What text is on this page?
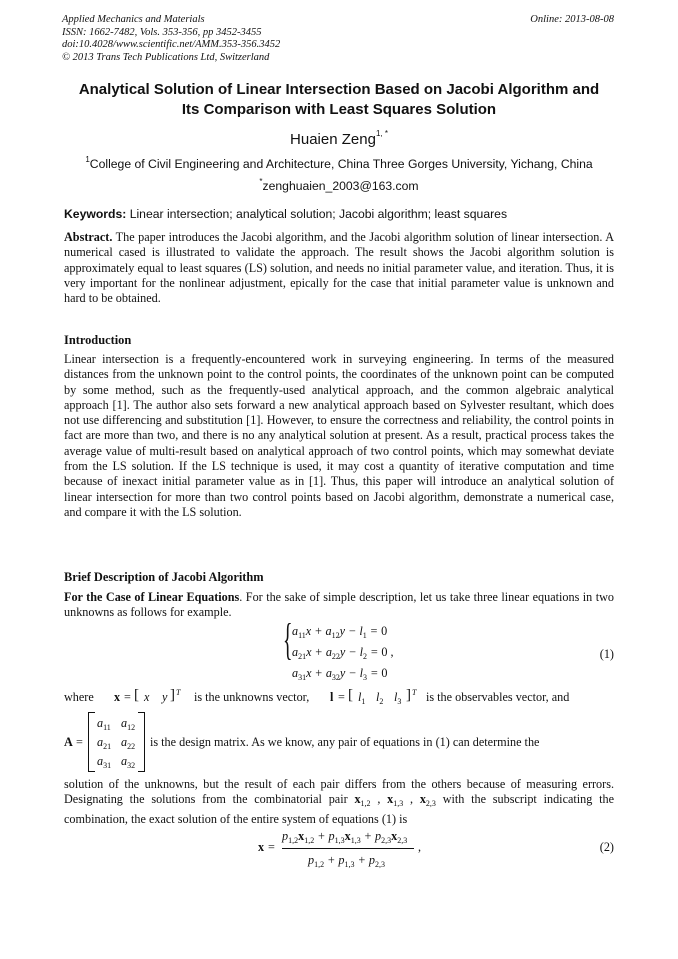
Applied Mechanics and Materials
ISSN: 1662-7482, Vols. 353-356, pp 3452-3455
doi:10.4028/www.scientific.net/AMM.353-356.3452
© 2013 Trans Tech Publications Ltd, Switzerland
Online: 2013-08-08
Analytical Solution of Linear Intersection Based on Jacobi Algorithm and
Its Comparison with Least Squares Solution
Huaien Zeng$^{1, *}$
$^1$College of Civil Engineering and Architecture, China Three Gorges University, Yichang, China
*zenghuaien_2003@163.com
Keywords: Linear intersection; analytical solution; Jacobi algorithm; least squares
Abstract. The paper introduces the Jacobi algorithm, and the Jacobi algorithm solution of linear intersection. A numerical cased is illustrated to validate the approach. The result shows the Jacobi algorithm solution is approximately equal to least squares (LS) solution, and needs no initial parameter value, and iteration. Thus, it is very important for the nonlinear adjustment, epically for the case that initial parameter value is unknown and hard to be obtained.
Introduction
Linear intersection is a frequently-encountered work in surveying engineering. In terms of the measured distances from the unknown point to the control points, the coordinates of the unknown point can be computed by some method, such as the frequently-used analytical approach, and the common algebraic analytical approach [1]. The author also sets forward a new analytical approach based on Sylvester resultant, which does not use differencing and substitution [1]. However, to ensure the correctness and reliability, the control points in fact are more than two, and there is no any analytical solution at present. As a result, practical process takes the average value of multi-result based on analytical approach of two control points, which may somewhat deviate from the LS solution. If the LS technique is used, it may cost a quantity of iterative computation and time because of inexact initial parameter value as in [1]. Thus, this paper will introduce an analytical solution of linear intersection for more than two control points based on Jacobi algorithm, demonstrate a numerical case, and compare it with the LS solution.
Brief Description of Jacobi Algorithm
For the Case of Linear Equations. For the sake of simple description, let us take three linear equations in two unknowns as follows for example.
{ $a_{11}x + a_{12}y - l_1 = 0$
$a_{21}x + a_{22}y - l_2 = 0$ ,
$a_{31}x + a_{32}y - l_3 = 0$
(1)
where x = [ x y ] T is the unknowns vector, l = [ $l_1$ $l_2$ $l_3$ ] T is the observables vector, and
A =
$a_{11}$ $a_{12}$
$a_{21}$ $a_{22}$
$a_{31}$ $a_{32}$
is the design matrix. As we know, any pair of equations in (1) can determine the
solution of the unknowns, but the result of each pair differs from the others because of measuring errors. Designating the solutions from the combinatorial pair $x_{1,2}$ , $x_{1,3}$ , $x_{2,3}$ with the subscript indicating the combination, the exact solution of the entire system of equations (1) is
x =
$p_{1,2}x_{1,2} + p_{1,3}x_{1,3} + p_{2,3}x_{2,3}$
$p_{1,2} + p_{1,3} + p_{2,3}$
,	(2)
